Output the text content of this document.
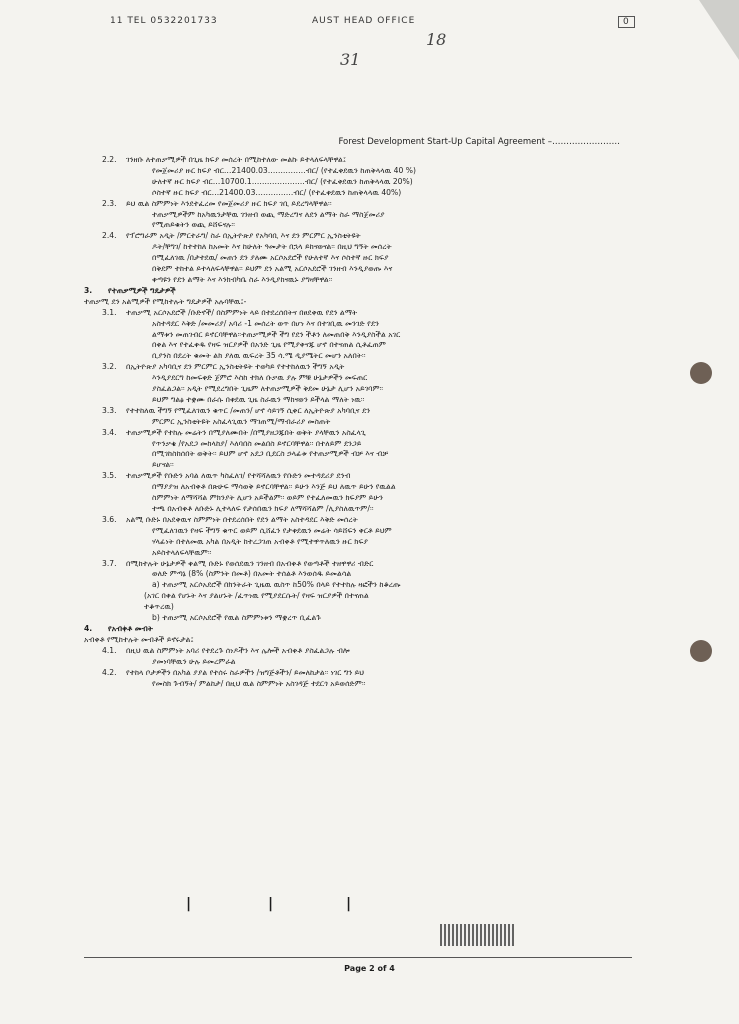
11 TEL 0532201733	AUST HEAD OFFICE	0
18
31
Forest Development Start-Up Capital Agreement –……………………
2.2.	ገንዘቡ ለተጠቃሚዎች በጊዜ ክፍያ መሰረት በሚከተለው መልኩ ይተላለፍላቸዋል፤
የመጀመሪያ ዙር ክፍያ ብር…21400.03……………ብር/ (የተፈቀደዉን ከጠቅላላዉ 40 %)
ሁለተኛ ዙር ክፍያ ብር…10700.1…………………ብር/ (የተፈቀደዉን ከጠቅላላዉ 20%)
ሶስተኛ ዙር ክፍያ ብር…21400.03……………ብር/ (የተፈቀደዉን ከጠቅላላዉ 40%)
2.3.	ይህ ዉል ስምምነት እንደተፈረመ የመጀመሪያ ዙር ክፍያ ገቢ ይደረግላቸዋል፡፡
ተጠቃሚዎችም ከአካዉንታቸዉ ገንዘብ ወጪ ማድረግና ለደን ልማት ስራ ማስጀመሪያ
የሚጠይቁትን ወጪ ይሸፍናሉ፡፡
2.4.	የፕሮግራም አዲት /ምርተራግ/ ስራ በኢትዮጵያ የአካባቢ እና ደን ምርምር ኢንስቲትዩት
ዶት/ቸግገ/ ከተተከለ ከአመት እና ከሁለት ዓመታት በኋላ ይከናወናል፡፡ በዚህ ግኝት መሰረት
በሚፈለገዉ /በታተደዉ/ መጠን ደን ያለሙ አርሶአደሮች የሁለተኛ እና ሶስተኛ ዙር ክፍያ
በቅደም ተከተል ይተላለፍላቸዋል፡፡ ይህም ደን አልሚ አርሶአደሮች ገንዘብ እንዲያወጡ እና
ቀጣዩን የደን ልማት እና እንክብካቤ ስራ እንዲያከናዉኑ ያግዛቸዋል፡፡
3.	የተጠቃሚዎች ግዴታዎች
ተጠቃሚ ደን አልሚዎች የሚከተሉት ግዴታዎች አሉባቸዉ፤-
3.1.	ተጠቃሚ አርሶአደሮች /ቡድኖች/ በስምምነት ላይ በተደረሰበትና በፀደቀዉ የደን ልማት
አስተዳደር እቅድ /መመሪያ/ አባሪ -1 መሰረት ወጥ በሆነ እና በተገቢዉ መንገድ የደን
ልማቱን መጠገብር ይኖርባቸዋል፡፡ተጠቃሚዎች ችግ የደን ችቶን ለመጠበቅ እንዲያስችል አገር
በቀል እና የተፈቀዱ የዛፍ ዝርያዎች በአንድ ጊዜ የሚያቀናጁ ሆኖ በተናጠል ሲቶፈጠም
ቢያንስ በደረት ቁመት ልክ ያለዉ ዉፍረት 35 ሳ.ሜ ዲያሜትር መሆን አለበት፡፡
3.2.	በኢትዮጵያ አካባቢና ደን ምርምር ኢንስቲትዩት ተወካይ የተተከለዉን ችግኝ አዲት
እንዲያደርግ ከመፍቀድ ጀምሮ እስከ ተክለ ቡቃዉ ያሉ ምቹ ሁኔታዎችን መፍጠር
ያስፈልጋል፡፡ አዲት የሚደረግበት ጊዜም ለተጠቃሚዎች ቅደመ ሁኔታ ሊሆን አይገባም፡፡
ይህም ግልፅ ተቋሙ በራሱ በቀደዉ ጊዜ ስራዉን ማከናወን ይችላል ማለት ነዉ፡፡
3.3.	የተተከለዉ ችግኝ የሚፈለገዉን ቁጥር /መጠን/ ሆኖ ሳይገኝ ሲቀር ለኢትዮጵያ አካባቢና ደን
ምርምር ኢንስቲትዩት አስፈላጊዉን ማገጠሚ/ማብራሪያ መስጠት
3.4.	ተጠቃሚዎች የተከሉ መሬትን በሚያለሙበት /በሚያዘጋጁበት ወቅት ያላቸዉን አስፈላጊ
የጥንቃቄ /የአደጋ መከላከያ/ እለባበስ መልበስ ይኖርባቸዋል፡፡ በተለይም ደንጋይ
በሚገከስከሰበት ወቅት፡፡ ይህም ሆኖ አደጋ ቢደርስ ኃላፊቱ የተጠቃሚዎች ብቻ እና ብቻ
ይሆናል፡፡
3.5.	ተጠቃሚዎች የቡድን አባል ለዉጥ ካስፈለገ/ የተሻሻለዉን የቡድን መተዳደሪያ ደንብ
በማያያዝ ለአብቀቶ በጽሁፍ ማሳወቅ ይኖርባቸዋል፡፡ ይሁን እንጅ ይህ ለዉጥ ይሁን የዉልል
ስምምነት ለማሻሻል ምክንያት ሊሆን አይችልም፡፡ ወይም የተፈለመዉን ክፍያም ይሁን
ተጫ በአብቀቶ ለቡድኑ ሊተላለፍ የታሰበዉን ክፍያ ለማሻሻልም /ሊያስለዉጥም/፡፡
3.6.	አልሚ ቡድኑ በአደቀዉና ስምምነት በተደረሰበት የደን ልማት አስተዳደር እቅድ መሰረት
የሚፈለገዉን የዛፍ ችግኝ ቁጥር ወይም ሲሸፈን የታቀደዉን መሬት ሳይሸፍን ቀርቶ ይህም
ሃላፊነት በተለመዉ አካል በአዲት ከተረጋገጠ አብቀቶ የሚተዋጥለዉን ዙር ክፍያ
አይስተላለፍላቸዉም፡፡
3.7.	በሚከተሉት ሁኔታዎች ቀልሚ ቡድኑ የወሰደዉን ገንዘብ በአብቀቶ የወጣቶች ተዘዋዋሪ ብድር
ወለድ ምጣኔ (8% (ስምንት በመቶ) በአመት ተሰልቶ እንወሰዱ ይመልሳል
a) ተጠቃሚ አርሶአደሮች በክንትራት ጊዜዉ ዉስጥ ከ50% በላይ የተተከሉ ዛፎችን ከቆረጡ
(አገር በቀል የሆኑት እና ያልሆኑት /ፈጥነዉ የሚያደርሱት/ የዛፍ ዝርያዎች በተናጠል
ተቆጥረዉ)
b) ተጠቃሚ አርሶአደሮች የዉል ስምምነቱን ማቋረጥ ቢፈልጉ
4.	የአብቀቶ መብት
አብቀቶ የሚከተሉት መብቶች ይኖሩታል፤
4.1.	በዚህ ዉል ስምምነት አባሪ የተደረጉ ሰነዶችን እና ሌሎች አብቀቶ ያስፈልጋሉ ብሎ
ያመነባቸዉን ሁሉ ይመረምራል
4.2.	የተከላ ቦታዎችን በአካል ያያል የተሰሩ ስራዎችን /ዝግጅቶችን/ ይመለከታል፡፡ ነገር ግን ይህ
የመስክ ጉብኝት/ ምልከታ/ በዚህ ዉል ስምምነት አስገዳጅ ተደርጎ አይወሰድም፡፡
|	|	|
Page 2 of 4
